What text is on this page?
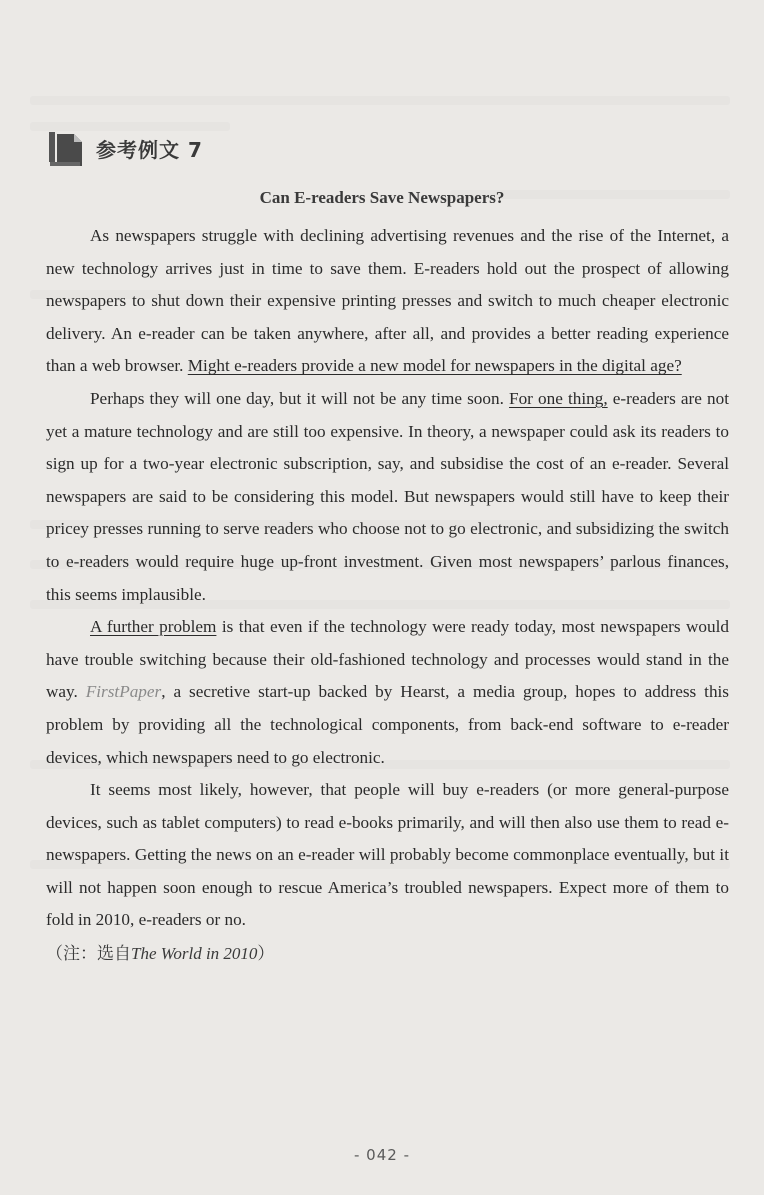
参考例文 7
Can E-readers Save Newspapers?

As newspapers struggle with declining advertising revenues and the rise of the Internet, a new technology arrives just in time to save them. E-readers hold out the prospect of allowing newspapers to shut down their expensive printing presses and switch to much cheaper electronic delivery. An e-reader can be taken anywhere, after all, and provides a better reading experience than a web browser. Might e-readers provide a new model for newspapers in the digital age?

Perhaps they will one day, but it will not be any time soon. For one thing, e-readers are not yet a mature technology and are still too expensive. In theory, a newspaper could ask its readers to sign up for a two-year electronic subscription, say, and subsidise the cost of an e-reader. Several newspapers are said to be considering this model. But newspapers would still have to keep their pricey presses running to serve readers who choose not to go electronic, and subsidizing the switch to e-readers would require huge up-front investment. Given most newspapers’ parlous finances, this seems implausible.

A further problem is that even if the technology were ready today, most newspapers would have trouble switching because their old-fashioned technology and processes would stand in the way. FirstPaper, a secretive start-up backed by Hearst, a media group, hopes to address this problem by providing all the technological components, from back-end software to e-reader devices, which newspapers need to go electronic.

It seems most likely, however, that people will buy e-readers (or more general-purpose devices, such as tablet computers) to read e-books primarily, and will then also use them to read e-newspapers. Getting the news on an e-reader will probably become commonplace eventually, but it will not happen soon enough to rescue America’s troubled newspapers. Expect more of them to fold in 2010, e-readers or no.

（注：选自The World in 2010）

- 042 -
